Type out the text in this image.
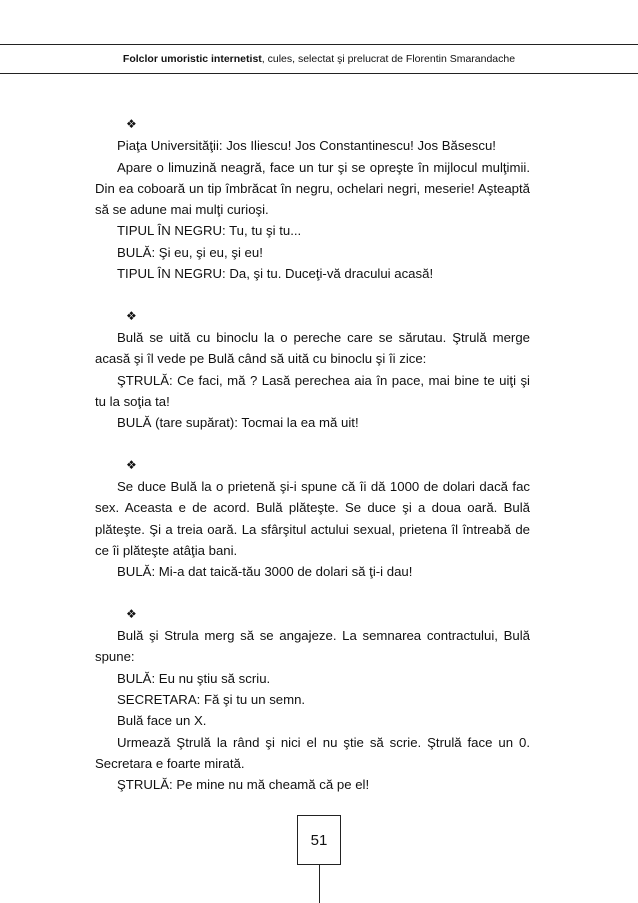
Folclor umoristic internetist, cules, selectat şi prelucrat de Florentin Smarandache
❖

Piaţa Universităţii: Jos Iliescu! Jos Constantinescu! Jos Băsescu!

Apare o limuzină neagră, face un tur şi se opreşte în mijlocul mulţimii. Din ea coboară un tip îmbrăcat în negru, ochelari negri, meserie! Aşteaptă să se adune mai mulţi curioşi.

TIPUL ÎN NEGRU: Tu, tu şi tu...

BULĂ: Şi eu, şi eu, şi eu!

TIPUL ÎN NEGRU: Da, şi tu. Duceţi-vă dracului acasă!

❖

Bulă se uită cu binoclu la o pereche care se sărutau. Ştrulă merge acasă şi îl vede pe Bulă când să uită cu binoclu şi îi zice:

ŞTRULĂ: Ce faci, mă ? Lasă perechea aia în pace, mai bine te uiţi şi tu la soţia ta!

BULĂ (tare supărat): Tocmai la ea mă uit!

❖

Se duce Bulă la o prietenă şi-i spune că îi dă 1000 de dolari dacă fac sex. Aceasta e de acord. Bulă plăteşte. Se duce şi a doua oară. Bulă plăteşte. Şi a treia oară. La sfârşitul actului sexual, prietena îl întreabă de ce îi plăteşte atâţia bani.

BULĂ: Mi-a dat taică-tău 3000 de dolari să ţi-i dau!

❖

Bulă şi Strula merg să se angajeze. La semnarea contractului, Bulă spune:

BULĂ: Eu nu ştiu să scriu.

SECRETARA: Fă şi tu un semn.

Bulă face un X.

Urmează Ştrulă la rând şi nici el nu ştie să scrie. Ştrulă face un 0. Secretara e foarte mirată.

ŞTRULĂ: Pe mine nu mă cheamă că pe el!

51
